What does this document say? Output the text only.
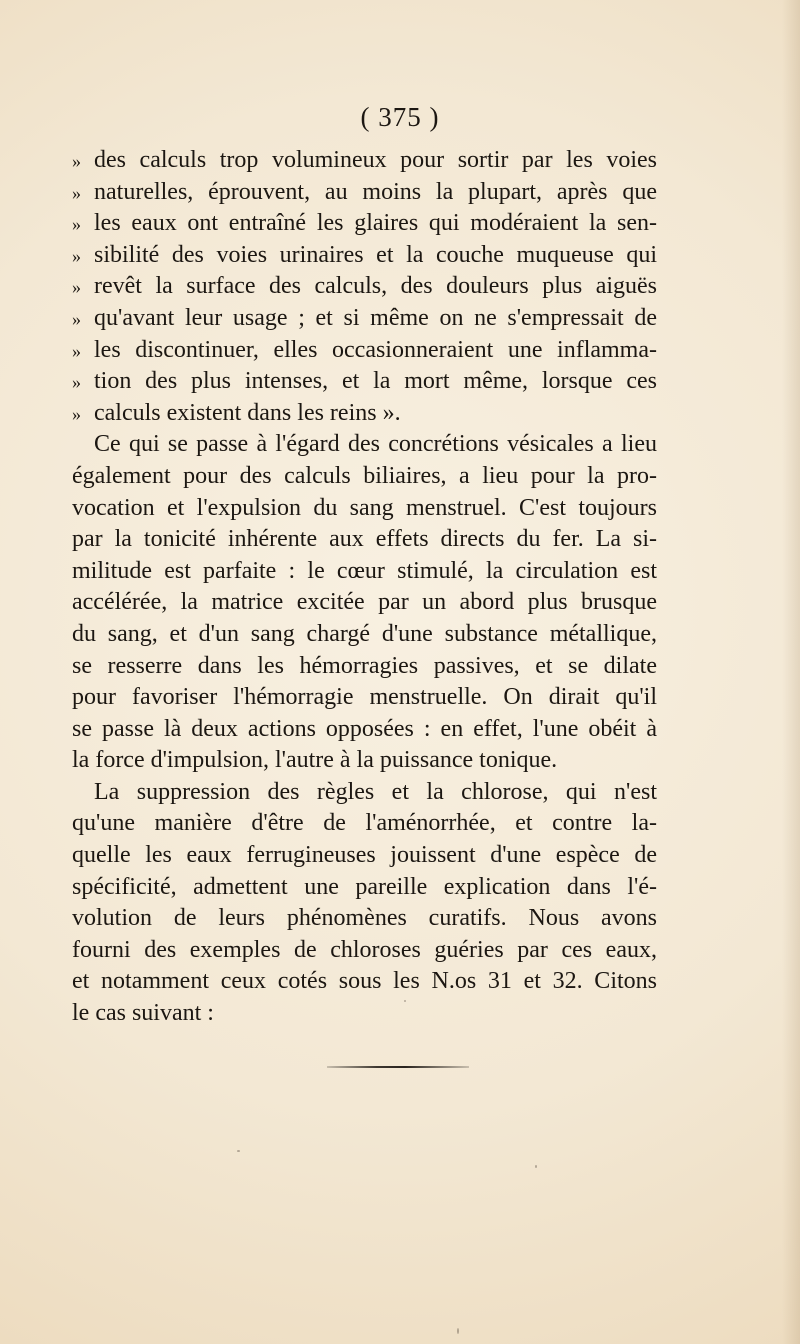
( 375 )
» des calculs trop volumineux pour sortir par les voies
» naturelles, éprouvent, au moins la plupart, après que
» les eaux ont entraîné les glaires qui modéraient la sen-
» sibilité des voies urinaires et la couche muqueuse qui
» revêt la surface des calculs, des douleurs plus aiguës
» qu'avant leur usage ; et si même on ne s'empressait de
» les discontinuer, elles occasionneraient une inflamma-
» tion des plus intenses, et la mort même, lorsque ces
» calculs existent dans les reins ».
Ce qui se passe à l'égard des concrétions vésicales a lieu
également pour des calculs biliaires, a lieu pour la pro-
vocation et l'expulsion du sang menstruel. C'est toujours
par la tonicité inhérente aux effets directs du fer. La si-
militude est parfaite : le cœur stimulé, la circulation est
accélérée, la matrice excitée par un abord plus brusque
du sang, et d'un sang chargé d'une substance métallique,
se resserre dans les hémorragies passives, et se dilate
pour favoriser l'hémorragie menstruelle. On dirait qu'il
se passe là deux actions opposées : en effet, l'une obéit à
la force d'impulsion, l'autre à la puissance tonique.
La suppression des règles et la chlorose, qui n'est
qu'une manière d'être de l'aménorrhée, et contre la-
quelle les eaux ferrugineuses jouissent d'une espèce de
spécificité, admettent une pareille explication dans l'é-
volution de leurs phénomènes curatifs. Nous avons
fourni des exemples de chloroses guéries par ces eaux,
et notamment ceux cotés sous les N.os 31 et 32. Citons
le cas suivant :
